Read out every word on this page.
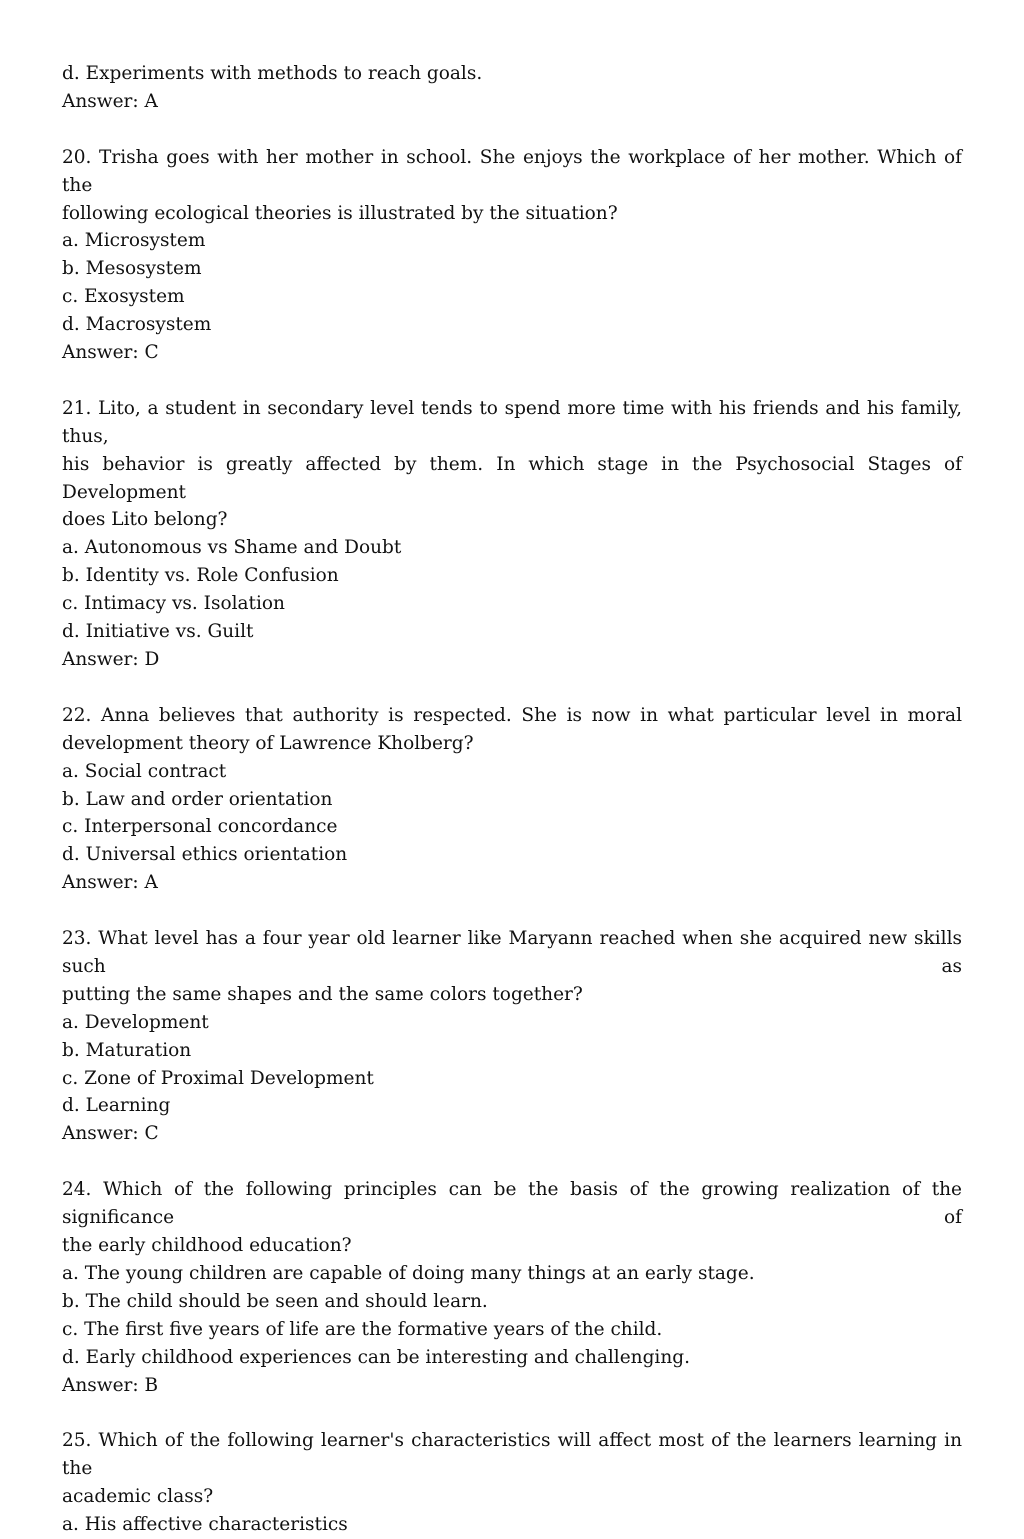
d. Experiments with methods to reach goals.
Answer: A
20. Trisha goes with her mother in school. She enjoys the workplace of her mother. Which of the
following ecological theories is illustrated by the situation?
a. Microsystem
b. Mesosystem
c. Exosystem
d. Macrosystem
Answer: C
21. Lito, a student in secondary level tends to spend more time with his friends and his family, thus,
his behavior is greatly affected by them. In which stage in the Psychosocial Stages of Development
does Lito belong?
a. Autonomous vs Shame and Doubt
b. Identity vs. Role Confusion
c. Intimacy vs. Isolation
d. Initiative vs. Guilt
Answer: D
22. Anna believes that authority is respected. She is now in what particular level in moral
development theory of Lawrence Kholberg?
a. Social contract
b. Law and order orientation
c. Interpersonal concordance
d. Universal ethics orientation
Answer: A
23. What level has a four year old learner like Maryann reached when she acquired new skills such as
putting the same shapes and the same colors together?
a. Development
b. Maturation
c. Zone of Proximal Development
d. Learning
Answer: C
24. Which of the following principles can be the basis of the growing realization of the significance of
the early childhood education?
a. The young children are capable of doing many things at an early stage.
b. The child should be seen and should learn.
c. The first five years of life are the formative years of the child.
d. Early childhood experiences can be interesting and challenging.
Answer: B
25. Which of the following learner's characteristics will affect most of the learners learning in the
academic class?
a. His affective characteristics
